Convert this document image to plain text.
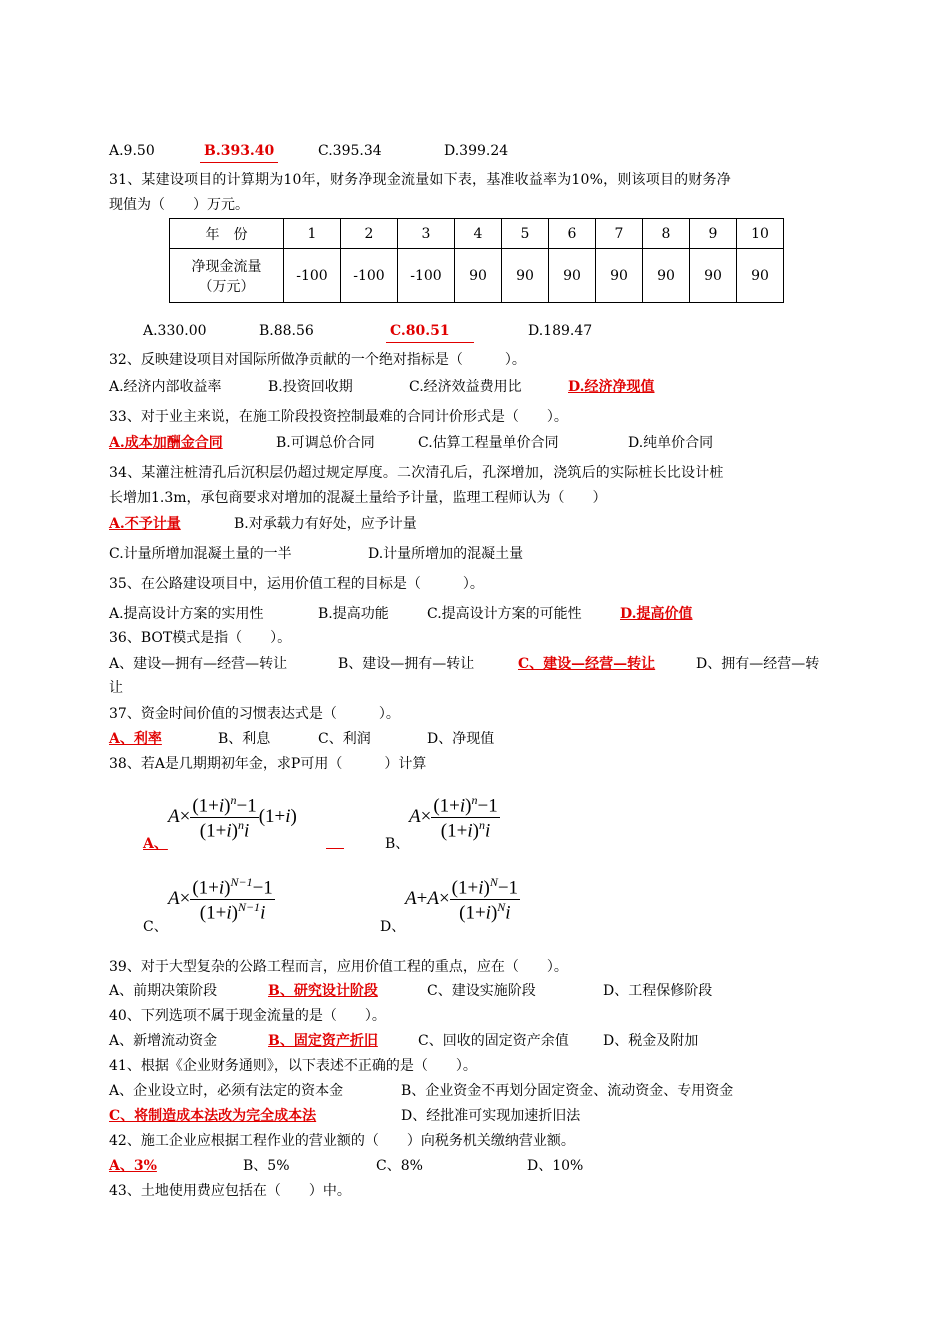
A.9.50	B.393.40	C.395.34	D.399.24
31、某建设项目的计算期为10年，财务净现金流量如下表，基准收益率为10%，则该项目的财务净
现值为（　　）万元。
年　份	1	2	3	4	5	6	7	8	9	10

净现金流量
（万元）	-100	-100	-100	90	90	90	90	90	90	90
A.330.00	B.88.56	C.80.51	D.189.47
32、反映建设项目对国际所做净贡献的一个绝对指标是（　　　）。
A.经济内部收益率	B.投资回收期	C.经济效益费用比	D.经济净现值
33、对于业主来说，在施工阶段投资控制最难的合同计价形式是（　　）。
A.成本加酬金合同	B.可调总价合同	C.估算工程量单价合同	D.纯单价合同
34、某灌注桩清孔后沉积层仍超过规定厚度。二次清孔后，孔深增加，浇筑后的实际桩长比设计桩
长增加1.3m，承包商要求对增加的混凝土量给予计量，监理工程师认为（　　）
A.不予计量	B.对承载力有好处，应予计量
C.计量所增加混凝土量的一半	D.计量所增加的混凝土量
35、在公路建设项目中，运用价值工程的目标是（　　　）。
A.提高设计方案的实用性	B.提高功能	C.提高设计方案的可能性	D.提高价值
36、BOT模式是指（　　）。
A、建设—拥有—经营—转让	B、建设—拥有—转让	C、建设—经营—转让	D、拥有—经营—转
让
37、资金时间价值的习惯表达式是（　　　）。
A、利率	B、利息	C、利润	D、净现值
38、若A是几期期初年金，求P可用（　　　）计算
$A\times \frac{(1+i)^n-1}{(1+i)^ni} (1+i)$
A、
$A\times \frac{(1+i)^n-1}{(1+i)^ni}$
B、
$A\times \frac{(1+i)^{N-1}-1}{(1+i)^{N-1}i}$
C、
$A+A\times \frac{(1+i)^N-1}{(1+i)^Ni}$
D、
39、对于大型复杂的公路工程而言，应用价值工程的重点，应在（　　）。
A、前期决策阶段	B、研究设计阶段	C、建设实施阶段	D、工程保修阶段
40、下列选项不属于现金流量的是（　　）。
A、新增流动资金	B、固定资产折旧	C、回收的固定资产余值 D、税金及附加
41、根据《企业财务通则》，以下表述不正确的是（　　）。
A、企业设立时，必须有法定的资本金	B、企业资金不再划分固定资金、流动资金、专用资金
C、将制造成本法改为完全成本法	D、经批准可实现加速折旧法
42、施工企业应根据工程作业的营业额的（　　）向税务机关缴纳营业额。
A、3%	B、5%	C、8%	D、10%
43、土地使用费应包括在（　　）中。
